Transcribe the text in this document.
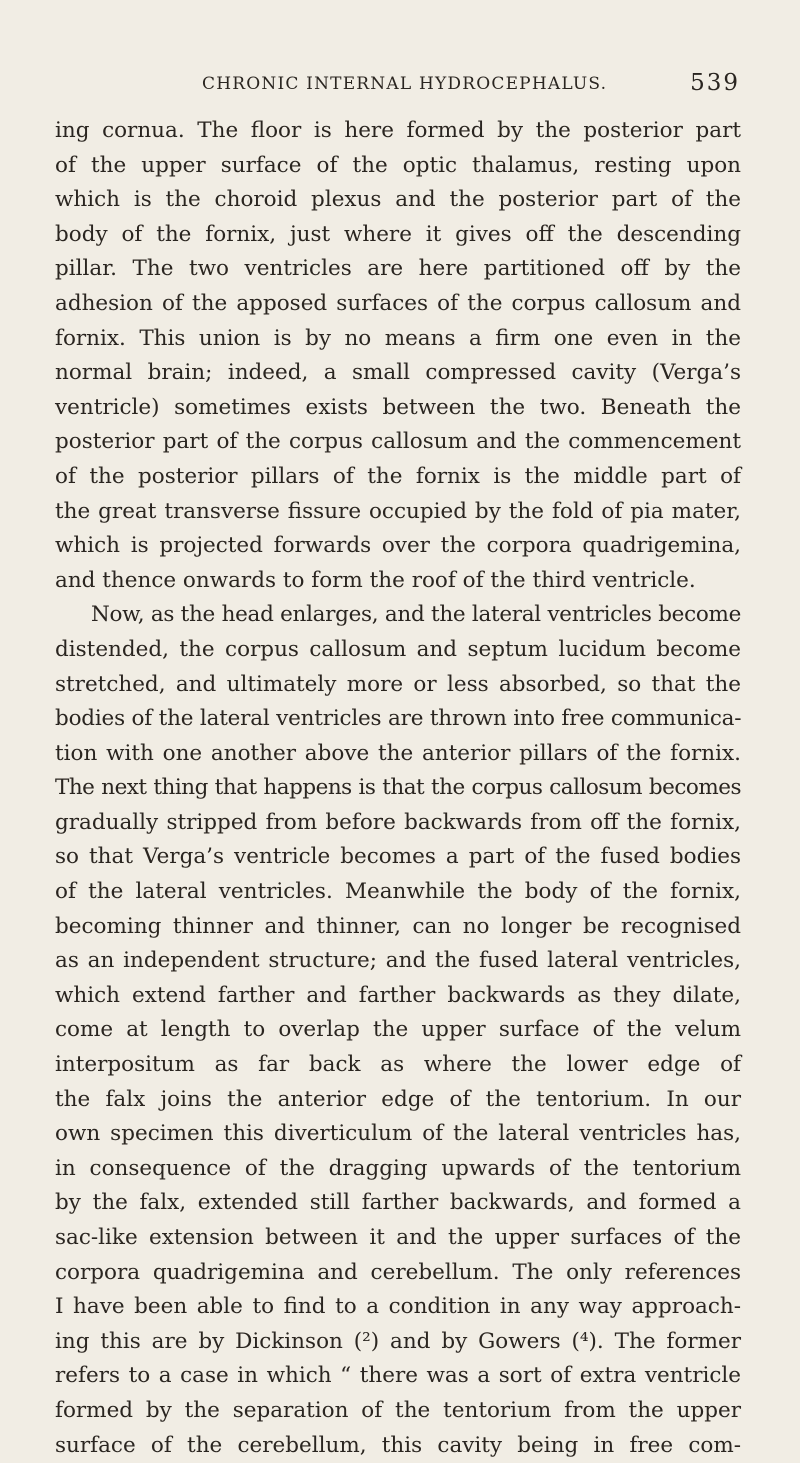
CHRONIC INTERNAL HYDROCEPHALUS.	539
ing cornua. The floor is here formed by the posterior part
of the upper surface of the optic thalamus, resting upon
which is the choroid plexus and the posterior part of the
body of the fornix, just where it gives off the descending
pillar. The two ventricles are here partitioned off by the
adhesion of the apposed surfaces of the corpus callosum and
fornix. This union is by no means a firm one even in the
normal brain; indeed, a small compressed cavity (Verga’s
ventricle) sometimes exists between the two. Beneath the
posterior part of the corpus callosum and the commencement
of the posterior pillars of the fornix is the middle part of
the great transverse fissure occupied by the fold of pia mater,
which is projected forwards over the corpora quadrigemina,
and thence onwards to form the roof of the third ventricle.
Now, as the head enlarges, and the lateral ventricles become
distended, the corpus callosum and septum lucidum become
stretched, and ultimately more or less absorbed, so that the
bodies of the lateral ventricles are thrown into free communica-
tion with one another above the anterior pillars of the fornix.
The next thing that happens is that the corpus callosum becomes
gradually stripped from before backwards from off the fornix,
so that Verga’s ventricle becomes a part of the fused bodies
of the lateral ventricles. Meanwhile the body of the fornix,
becoming thinner and thinner, can no longer be recognised
as an independent structure; and the fused lateral ventricles,
which extend farther and farther backwards as they dilate,
come at length to overlap the upper surface of the velum
interpositum as far back as where the lower edge of
the falx joins the anterior edge of the tentorium. In our
own specimen this diverticulum of the lateral ventricles has,
in consequence of the dragging upwards of the tentorium
by the falx, extended still farther backwards, and formed a
sac-like extension between it and the upper surfaces of the
corpora quadrigemina and cerebellum. The only references
I have been able to find to a condition in any way approach-
ing this are by Dickinson (²) and by Gowers (⁴). The former
refers to a case in which “ there was a sort of extra ventricle
formed by the separation of the tentorium from the upper
surface of the cerebellum, this cavity being in free com-
